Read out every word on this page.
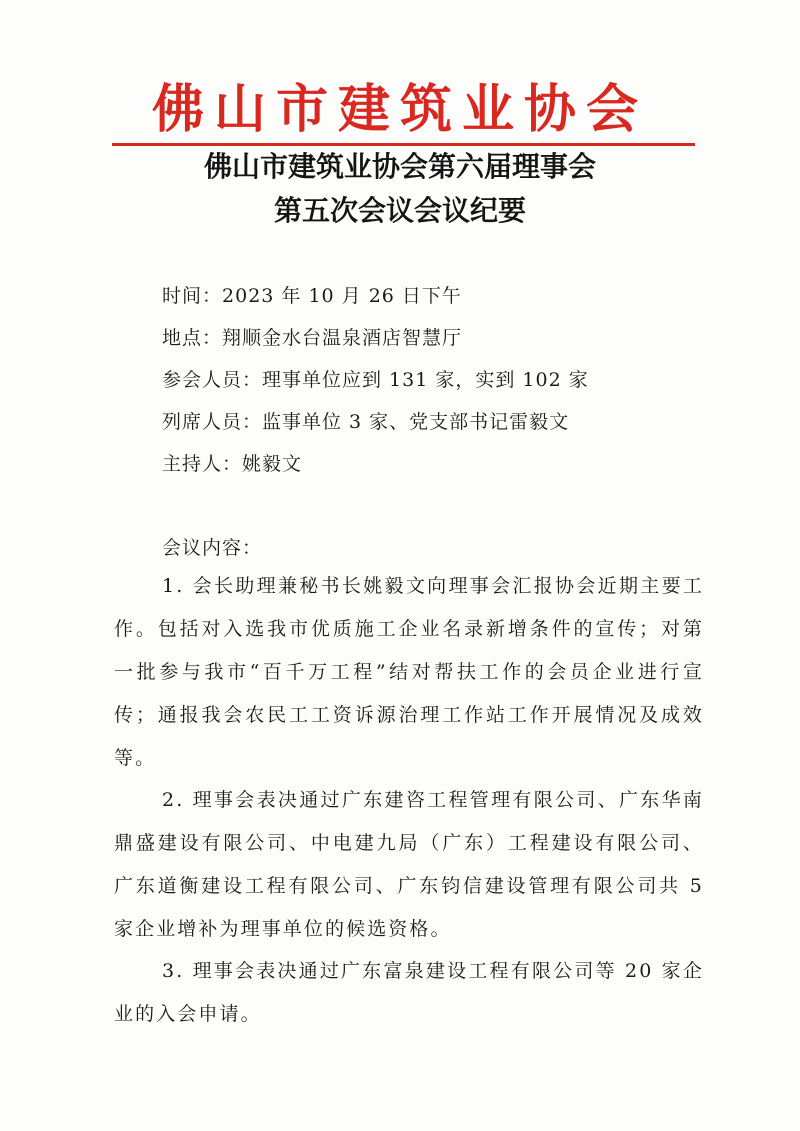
佛山市建筑业协会
佛山市建筑业协会第六届理事会
第五次会议会议纪要
时间：2023 年 10 月 26 日下午
地点：翔顺金水台温泉酒店智慧厅
参会人员：理事单位应到 131 家，实到 102 家
列席人员：监事单位 3 家、党支部书记雷毅文
主持人：姚毅文
会议内容：
1. 会长助理兼秘书长姚毅文向理事会汇报协会近期主要工作。包括对入选我市优质施工企业名录新增条件的宣传；对第一批参与我市“百千万工程”结对帮扶工作的会员企业进行宣传；通报我会农民工工资诉源治理工作站工作开展情况及成效等。
2. 理事会表决通过广东建咨工程管理有限公司、广东华南鼎盛建设有限公司、中电建九局（广东）工程建设有限公司、广东道衡建设工程有限公司、广东钧信建设管理有限公司共 5 家企业增补为理事单位的候选资格。
3. 理事会表决通过广东富泉建设工程有限公司等 20 家企业的入会申请。
